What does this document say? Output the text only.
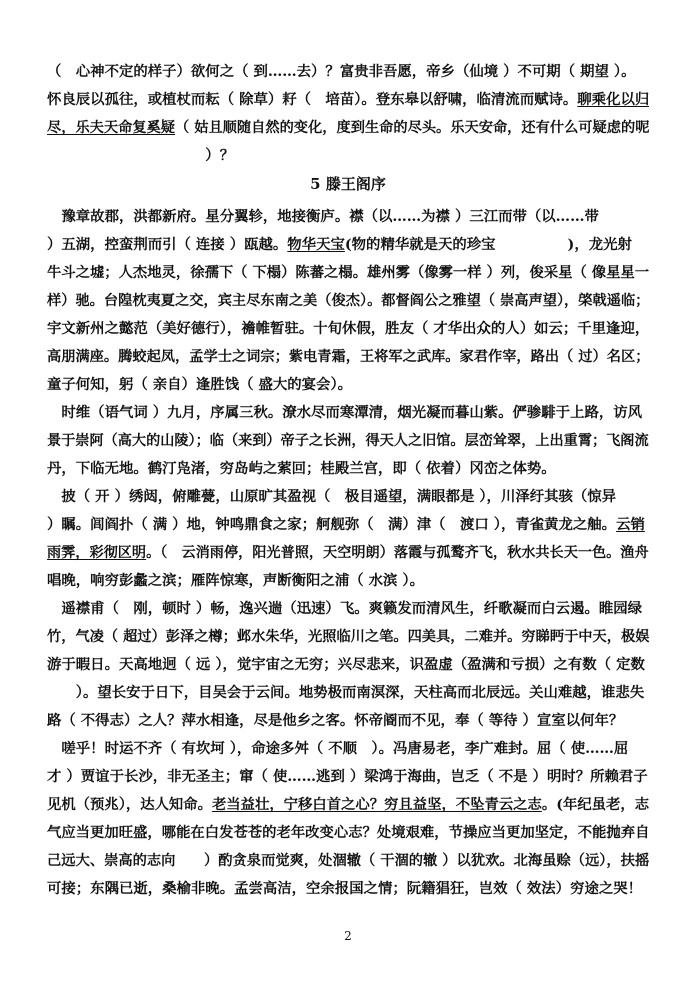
5 滕王阁序
（　心神不定的样子）欲何之（ 到……去）？富贵非吾愿，帝乡（仙境 ）不可期（ 期望 ）。
怀良辰以孤往，或植杖而耘（ 除草）耔（　培苗）。登东皋以舒啸，临清流而赋诗。聊乘化以归
尽，乐夫天命复奚疑（ 姑且顺随自然的变化，度到生命的尽头。乐天安命，还有什么可疑虑的呢
　　　　　　　　　　　）？
　豫章故郡，洪都新府。星分翼轸，地接衡庐。襟（以……为襟 ）三江而带（以……带
）五湖，控蛮荆而引（ 连接 ）瓯越。物华天宝(物的精华就是天的珍宝　　　　　)，龙光射
牛斗之墟；人杰地灵，徐孺下（ 下榻）陈蕃之榻。雄州雾（像雾一样 ）列，俊采星（ 像星星一
样）驰。台隍枕夷夏之交，宾主尽东南之美（俊杰）。都督阎公之雅望（ 崇高声望），棨戟遥临；
宇文新州之懿范（美好德行），襜帷暂驻。十旬休假，胜友（ 才华出众的人）如云；千里逢迎，
高朋满座。腾蛟起凤，孟学士之词宗；紫电青霜，王将军之武库。家君作宰，路出（ 过）名区；
童子何知，躬（ 亲自）逢胜饯（ 盛大的宴会）。
　时维（语气词 ）九月，序属三秋。潦水尽而寒潭清，烟光凝而暮山紫。俨骖騑于上路，访风
景于崇阿（高大的山陵）；临（来到）帝子之长洲，得天人之旧馆。层峦耸翠，上出重霄；飞阁流
丹，下临无地。鹤汀凫渚，穷岛屿之萦回；桂殿兰宫，即（ 依着）冈峦之体势。
　披（ 开 ）绣闼，俯雕甍，山原旷其盈视（　极目遥望，满眼都是 ），川泽纡其骇（惊异
）瞩。闾阎扑（ 满 ）地，钟鸣鼎食之家；舸舰弥（　满）津（　渡口 ），青雀黄龙之舳。云销
雨霁，彩彻区明。（　云消雨停，阳光普照，天空明朗）落霞与孤鹜齐飞，秋水共长天一色。渔舟
唱晚，响穷彭蠡之滨；雁阵惊寒，声断衡阳之浦（ 水滨 ）。
　遥襟甫（　刚，顿时 ）畅，逸兴遄（迅速）飞。爽籁发而清风生，纤歌凝而白云遏。睢园绿
竹，气凌（ 超过）彭泽之樽；邺水朱华，光照临川之笔。四美具，二难并。穷睇眄于中天，极娱
游于暇日。天高地迥（ 远 ），觉宇宙之无穷；兴尽悲来，识盈虚（盈满和亏损）之有数（ 定数
　　）。望长安于日下，目吴会于云间。地势极而南溟深，天柱高而北辰远。关山难越，谁悲失
路（ 不得志）之人？萍水相逢，尽是他乡之客。怀帝阍而不见，奉（ 等待 ）宣室以何年？
　嗟乎！时运不齐（ 有坎坷 ），命途多舛（ 不顺　）。冯唐易老，李广难封。屈（ 使……屈
才 ）贾谊于长沙，非无圣主；窜（ 使……逃到 ）梁鸿于海曲，岂乏（ 不是 ）明时？所赖君子
见机（预兆），达人知命。老当益壮，宁移白首之心？穷且益坚，不坠青云之志。(年纪虽老，志
气应当更加旺盛，哪能在白发苍苍的老年改变心志？处境艰难，节操应当更加坚定，不能抛弃自
己远大、崇高的志向　　）酌贪泉而觉爽，处涸辙（ 干涸的辙 ）以犹欢。北海虽赊（远），扶摇
可接；东隅已逝，桑榆非晚。孟尝高洁，空余报国之情；阮籍猖狂，岂效（ 效法）穷途之哭！
2
